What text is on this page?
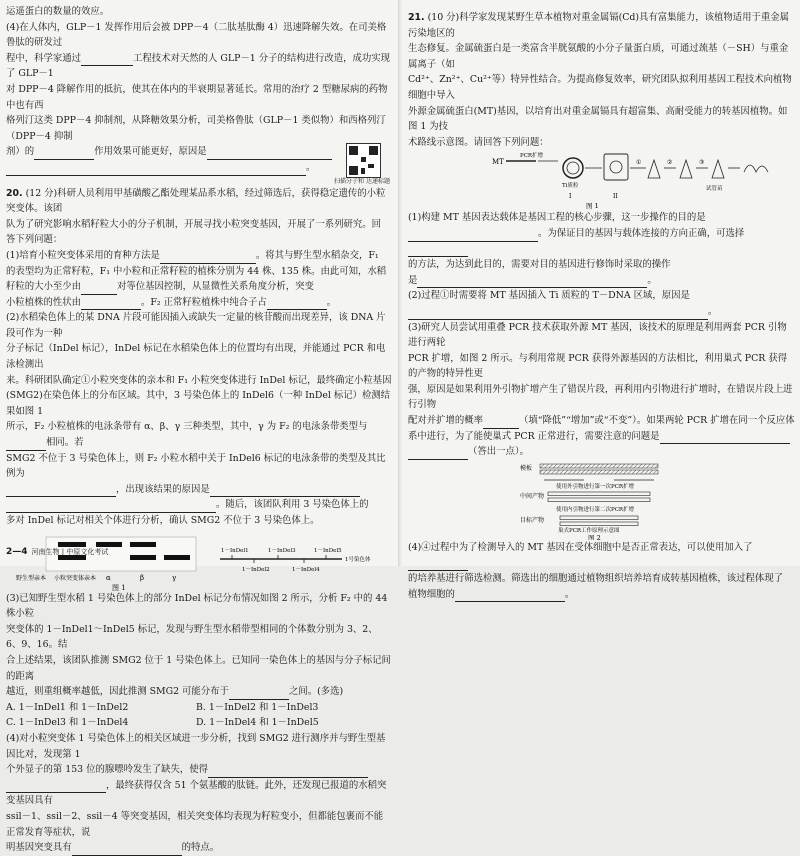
运遥蛋白的数量的效应。

(4)在人体内，GLP－1 发挥作用后会被 DPP－4（二肽基肽酶 4）迅速降解失效。在司美格鲁肽的研发过

程中，科学家通过	工程技术对天然的人 GLP－1 分子的结构进行改造，成功实现了 GLP－1

对 DPP－4 降解作用的抵抗，使其在体内的半衰期显著延长。常用的治疗 2 型糖尿病的药物中也有西

格列汀这类 DPP－4 抑制剂，从降糖效果分析，司美格鲁肽（GLP－1 类似物）和西格列汀（DPP－4 抑制

剂）的	作用效果可能更好，原因是

。

20. (12 分)科研人员利用甲基磺酸乙酯处理某品系水稻，经过筛选后，获得稳定遗传的小粒突变体。该团

队为了研究影响水稻籽粒大小的分子机制，开展寻找小粒突变基因，开展了一系列研究。回

答下列问题：

(1)培育小粒突变体采用的育种方法是	。将其与野生型水稻杂交，F₁

的表型均为正常籽粒，F₁ 中小粒和正常籽粒的植株分别为 44 株、135 株。由此可知，水稻

籽粒的大小至少由	对等位基因控制，从显微性关系角度分析，突变

小粒植株的性状由	。F₂ 正常籽粒植株中纯合子占	。

(2)水稻染色体上的某 DNA 片段可能因插入或缺失一定量的核苷酸而出现差异，该 DNA 片段可作为一种

分子标记（InDel 标记），InDel 标记在水稻染色体上的位置均有出现，并能通过 PCR 和电泳检测出

来。科研团队确定①小粒突变体的亲本和 F₁ 小粒突变体进行 InDel 标记，最终确定小粒基因

(SMG2)在染色体上的分布区域。其中，3 号染色体上的 InDel6（一种 InDel 标记）检测结果如图 1

所示，F₂ 小粒植株的电泳条带有 α、β、γ 三种类型，其中，γ 为 F₂ 的电泳条带类型与相同。若

SMG2 不位于 3 号染色体上，则 F₂ 小粒水稻中关于 InDel6 标记的电泳条带的类型及其比例为

，出现该结果的原因是

。随后，该团队利用 3 号染色体上的

多对 InDel 标记对相关个体进行分析，确认 SMG2 不位于 3 号染色体上。

野生型亲本 小粒突变体亲本 α	β	γ
图 1
1－InDel1	1－InDel3	1－InDel5
1－InDel2	1－InDel4
1号染色体

(3)已知野生型水稻 1 号染色体上的部分 InDel 标记分布情况如图 2 所示，分析 F₂ 中的 44 株小粒

突变体的 1－InDel1～InDel5 标记，发现与野生型水稻带型相同的个体数分别为 3、2、6、9、16。结

合上述结果，该团队推测 SMG2 位于 1 号染色体上。已知同一染色体上的基因与分子标记间的距离

越近，则重组概率越低，因此推测 SMG2 可能分布于	之间。(多选)

A. 1－InDel1 和 1－InDel2	B. 1－InDel2 和 1－InDel3

C. 1－InDel3 和 1－InDel4	D. 1－InDel4 和 1－InDel5

(4)对小粒突变体 1 号染色体上的相关区域进一步分析，找到 SMG2 进行测序并与野生型基因比对，发现第 1

个外显子的第 153 位的腺嘌呤发生了缺失，使得

，最终获得仅含 51 个氨基酸的肽链。此外，还发现已报道的水稻突变基因具有

ssil－1、ssil－2、ssil－4 等突变基因，相关突变体均表现为籽粒变小，但都能包裹而不能正常发育等症状，说

明基因突变具有	的特点。

扫描分子和 达递标题

21. (10 分)科学家发现某野生草本植物对重金属镉(Cd)具有富集能力，该植物适用于重金属污染地区的

生态修复。金属硫蛋白是一类富含半胱氨酸的小分子量蛋白质，可通过巯基（－SH）与重金属离子（如

Cd²⁺、Zn²⁺、Cu²⁺等）特异性结合。为提高修复效率，研究团队拟利用基因工程技术向植物细胞中导入

外源金属硫蛋白(MT)基因，以培育出对重金属镉具有超富集、高耐受能力的转基因植物。如图 1 为技

术路线示意图。请回答下列问题：

MT
PCR扩增
Ti质粒
I	II
①	②	③
试管苗
图 1

(1)构建 MT 基因表达载体是基因工程的核心步骤，这一步操作的目的是

。为保证目的基因与载体连接的方向正确，可选择

的方法，为达到此目的，需要对目的基因进行修饰时采取的操作

是	。

(2)过程①时需要将 MT 基因插入 Ti 质粒的 T－DNA 区域，原因是

。

(3)研究人员尝试用重叠 PCR 技术获取外源 MT 基因，该技术的原理是利用两套 PCR 引物进行两轮

PCR 扩增，如图 2 所示。与利用常规 PCR 获得外源基因的方法相比，利用巢式 PCR 获得的产物的特异性更

强，原因是如果利用外引物扩增产生了错误片段，再利用内引物进行扩增时，在错误片段上进行引物

配对并扩增的概率	（填“降低”“增加”或“不变”）。如果两轮 PCR 扩增在同一个反应体

系中进行，为了能使巢式 PCR 正常进行，需要注意的问题是

（答出一点）。

模板
使用外引物进行第一次PCR扩增
中间产物
使用内引物进行第二次PCR扩增
目标产物
巢式PCR工作原理示意图
图 2

(4)④过程中为了检测导入的 MT 基因在受体细胞中是否正常表达，可以使用加入了

的培养基进行筛选检测。筛选出的细胞通过植物组织培养培育成转基因植株，该过程体现了

植物细胞的	。

2—4 河南生物 | 中原文化考试
